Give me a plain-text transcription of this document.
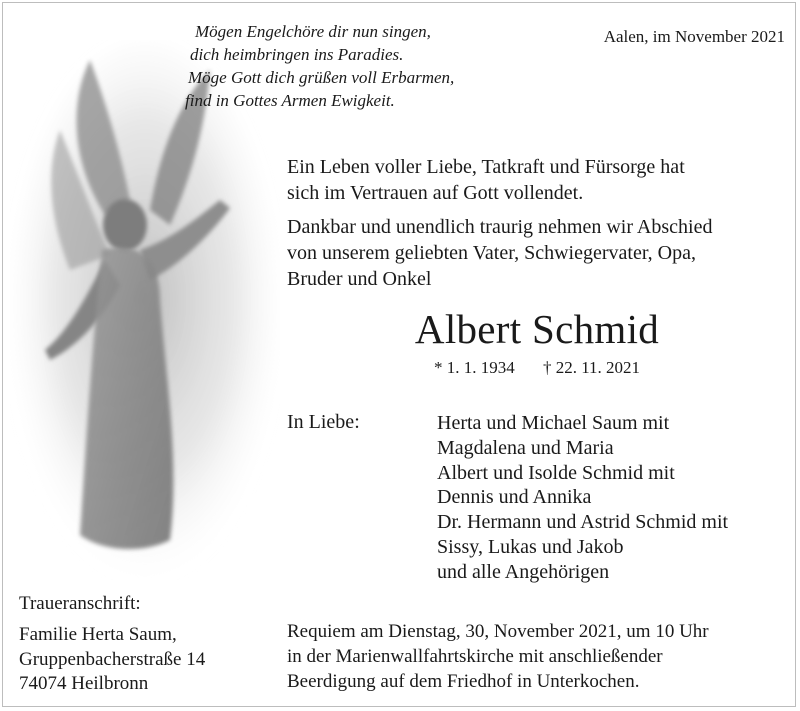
Mögen Engelchöre dir nun singen,
dich heimbringen ins Paradies.
Möge Gott dich grüßen voll Erbarmen,
find in Gottes Armen Ewigkeit.
Aalen, im November 2021

Ein Leben voller Liebe, Tatkraft und Fürsorge hat
sich im Vertrauen auf Gott vollendet.

Dankbar und unendlich traurig nehmen wir Abschied
von unserem geliebten Vater, Schwiegervater, Opa,
Bruder und Onkel

Albert Schmid
* 1. 1. 1934 † 22. 11. 2021
In Liebe:	Herta und Michael Saum mit
Magdalena und Maria
Albert und Isolde Schmid mit
Dennis und Annika
Dr. Hermann und Astrid Schmid mit
Sissy, Lukas und Jakob
und alle Angehörigen
Traueranschrift:
Familie Herta Saum,
Gruppenbacherstraße 14
74074 Heilbronn
Requiem am Dienstag, 30, November 2021, um 10 Uhr
in der Marienwallfahrtskirche mit anschließender
Beerdigung auf dem Friedhof in Unterkochen.
